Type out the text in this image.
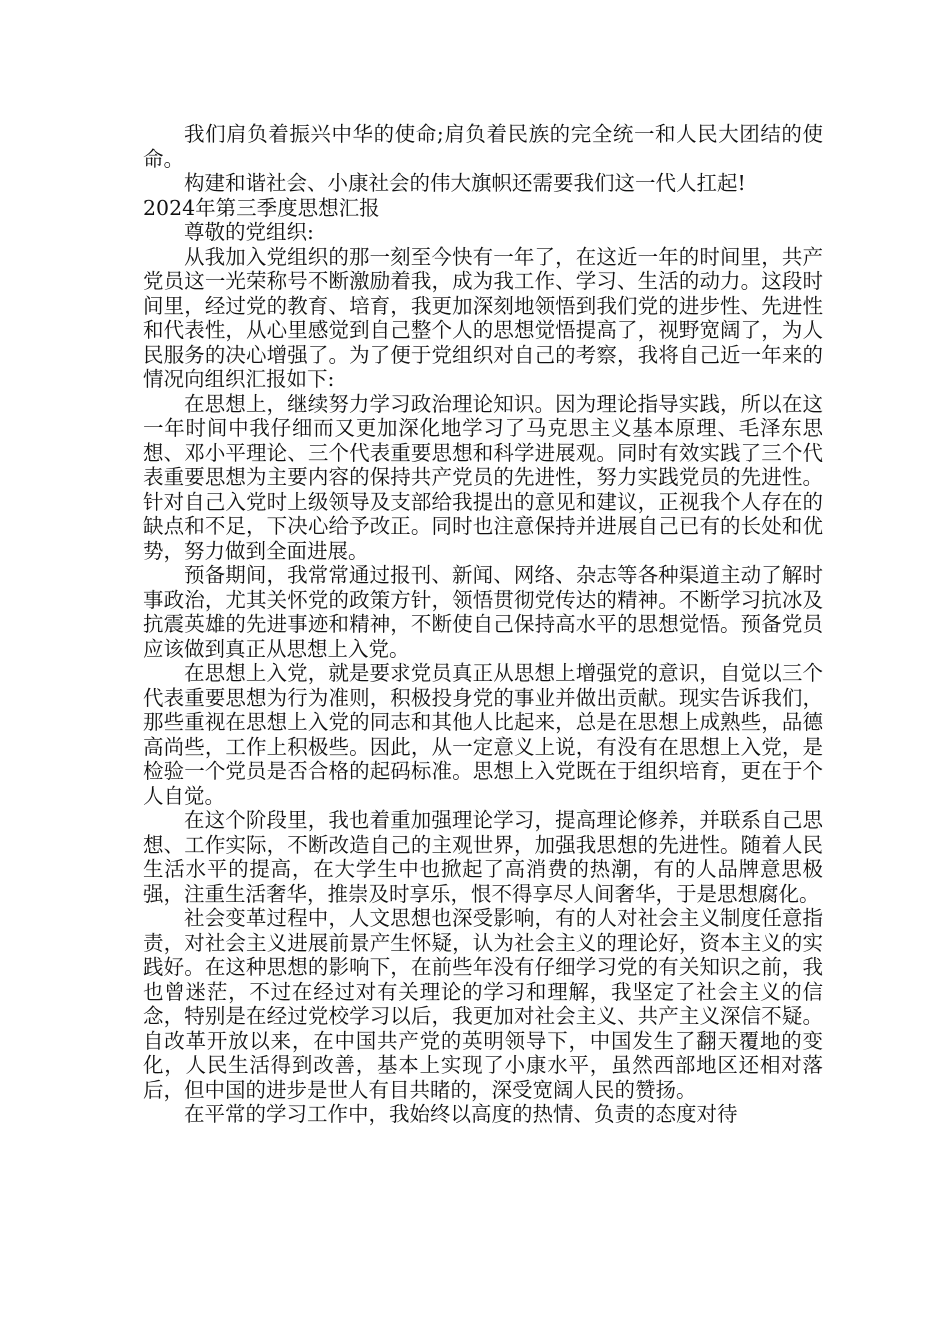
我们肩负着振兴中华的使命;肩负着民族的完全统一和人民大团结的使命。

构建和谐社会、小康社会的伟大旗帜还需要我们这一代人扛起!

2024年第三季度思想汇报

尊敬的党组织:

从我加入党组织的那一刻至今快有一年了，在这近一年的时间里，共产党员这一光荣称号不断激励着我，成为我工作、学习、生活的动力。这段时间里，经过党的教育、培育，我更加深刻地领悟到我们党的进步性、先进性和代表性，从心里感觉到自己整个人的思想觉悟提高了，视野宽阔了，为人民服务的决心增强了。为了便于党组织对自己的考察，我将自己近一年来的情况向组织汇报如下:

在思想上，继续努力学习政治理论知识。因为理论指导实践，所以在这一年时间中我仔细而又更加深化地学习了马克思主义基本原理、毛泽东思想、邓小平理论、三个代表重要思想和科学进展观。同时有效实践了三个代表重要思想为主要内容的保持共产党员的先进性，努力实践党员的先进性。针对自己入党时上级领导及支部给我提出的意见和建议，正视我个人存在的缺点和不足，下决心给予改正。同时也注意保持并进展自己已有的长处和优势，努力做到全面进展。

预备期间，我常常通过报刊、新闻、网络、杂志等各种渠道主动了解时事政治，尤其关怀党的政策方针，领悟贯彻党传达的精神。不断学习抗冰及抗震英雄的先进事迹和精神，不断使自己保持高水平的思想觉悟。预备党员应该做到真正从思想上入党。

在思想上入党，就是要求党员真正从思想上增强党的意识，自觉以三个代表重要思想为行为准则，积极投身党的事业并做出贡献。现实告诉我们，那些重视在思想上入党的同志和其他人比起来，总是在思想上成熟些，品德高尚些，工作上积极些。因此，从一定意义上说，有没有在思想上入党，是检验一个党员是否合格的起码标准。思想上入党既在于组织培育，更在于个人自觉。

在这个阶段里，我也着重加强理论学习，提高理论修养，并联系自己思想、工作实际，不断改造自己的主观世界，加强我思想的先进性。随着人民生活水平的提高，在大学生中也掀起了高消费的热潮，有的人品牌意思极强，注重生活奢华，推崇及时享乐，恨不得享尽人间奢华，于是思想腐化。

社会变革过程中，人文思想也深受影响，有的人对社会主义制度任意指责，对社会主义进展前景产生怀疑，认为社会主义的理论好，资本主义的实践好。在这种思想的影响下，在前些年没有仔细学习党的有关知识之前，我也曾迷茫，不过在经过对有关理论的学习和理解，我坚定了社会主义的信念，特别是在经过党校学习以后，我更加对社会主义、共产主义深信不疑。自改革开放以来，在中国共产党的英明领导下，中国发生了翻天覆地的变化，人民生活得到改善，基本上实现了小康水平，虽然西部地区还相对落后，但中国的进步是世人有目共睹的，深受宽阔人民的赞扬。

在平常的学习工作中，我始终以高度的热情、负责的态度对待
